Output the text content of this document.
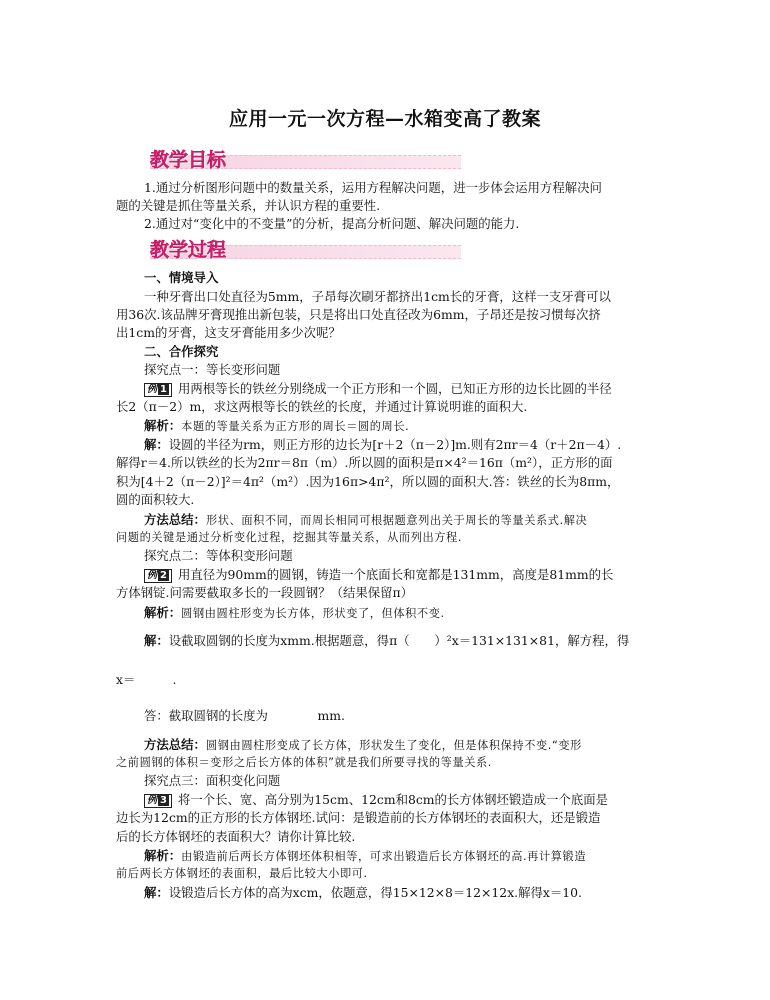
应用一元一次方程—水箱变高了教案
教学目标
1.通过分析图形问题中的数量关系，运用方程解决问题，进一步体会运用方程解决问
题的关键是抓住等量关系，并认识方程的重要性.
2.通过对“变化中的不变量”的分析，提高分析问题、解决问题的能力.
教学过程
一、情境导入
一种牙膏出口处直径为5mm，子昂每次刷牙都挤出1cm长的牙膏，这样一支牙膏可以
用36次.该品牌牙膏现推出新包装，只是将出口处直径改为6mm，子昂还是按习惯每次挤
出1cm的牙膏，这支牙膏能用多少次呢？
二、合作探究
探究点一：等长变形问题
例 1 用两根等长的铁丝分别绕成一个正方形和一个圆，已知正方形的边长比圆的半径
长2（π－2）m，求这两根等长的铁丝的长度，并通过计算说明谁的面积大.
解析：本题的等量关系为正方形的周长＝圆的周长.
解：设圆的半径为rm，则正方形的边长为[r＋2（π－2）]m.则有2πr＝4（r＋2π－4）.
解得r＝4.所以铁丝的长为2πr＝8π（m）.所以圆的面积是π×4²＝16π（m²），正方形的面
积为[4＋2（π－2）]²＝4π²（m²）.因为16π>4π²，所以圆的面积大.答：铁丝的长为8πm，
圆的面积较大.
方法总结：形状、面积不同，而周长相同可根据题意列出关于周长的等量关系式.解决
问题的关键是通过分析变化过程，挖掘其等量关系，从而列出方程.
探究点二：等体积变形问题
例 2 用直径为90mm的圆钢，铸造一个底面长和宽都是131mm，高度是81mm的长
方体钢锭.问需要截取多长的一段圆钢？（结果保留π）
解析：圆钢由圆柱形变为长方体，形状变了，但体积不变.
解：设截取圆钢的长度为xmm.根据题意，得π（　　）²x＝131×131×81，解方程，得
x＝　　　.
答：截取圆钢的长度为　　　　mm.
方法总结：圆钢由圆柱形变成了长方体，形状发生了变化，但是体积保持不变.“变形
之前圆钢的体积＝变形之后长方体的体积”就是我们所要寻找的等量关系.
探究点三：面积变化问题
例 3 将一个长、宽、高分别为15cm、12cm和8cm的长方体钢坯锻造成一个底面是
边长为12cm的正方形的长方体钢坯.试问：是锻造前的长方体钢坯的表面积大，还是锻造
后的长方体钢坯的表面积大？请你计算比较.
解析：由锻造前后两长方体钢坯体积相等，可求出锻造后长方体钢坯的高.再计算锻造
前后两长方体钢坯的表面积，最后比较大小即可.
解：设锻造后长方体的高为xcm，依题意，得15×12×8＝12×12x.解得x＝10.
